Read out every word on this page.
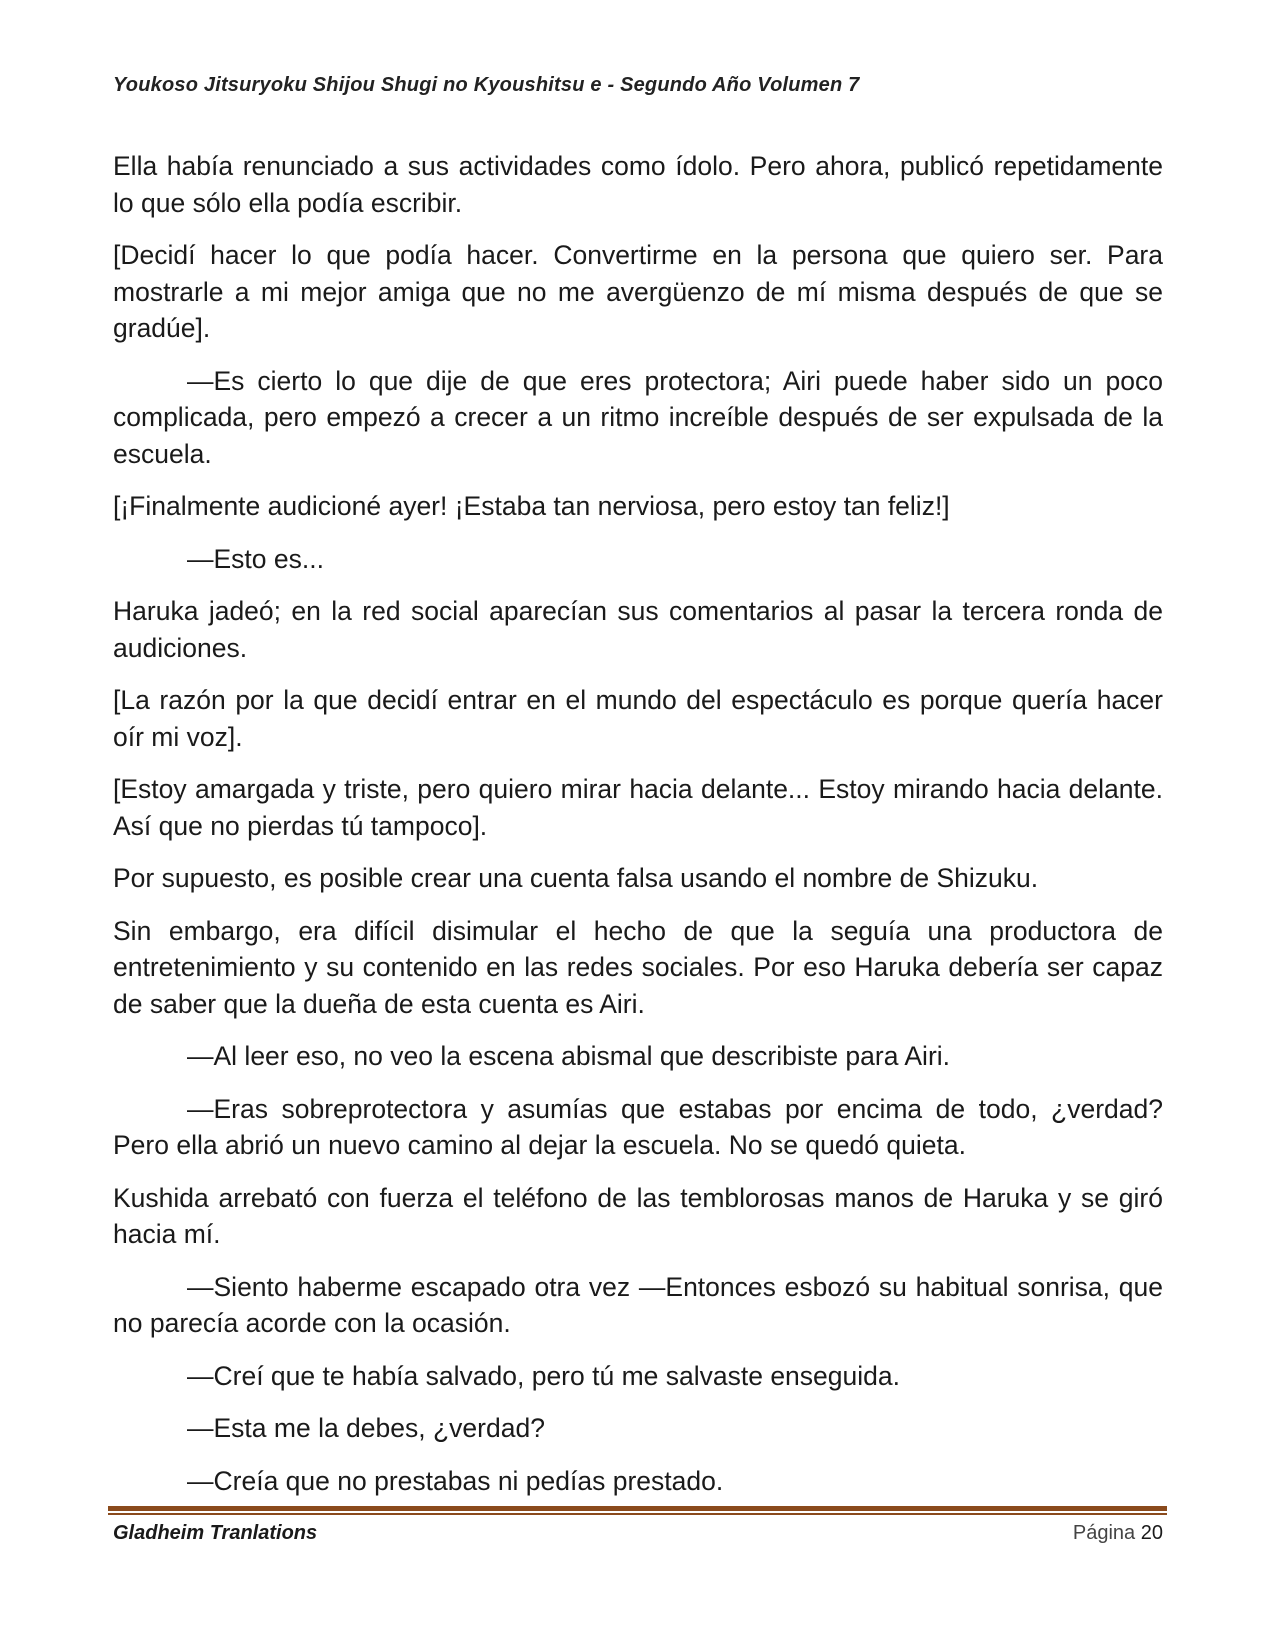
Youkoso Jitsuryoku Shijou Shugi no Kyoushitsu e - Segundo Año Volumen 7

Ella había renunciado a sus actividades como ídolo. Pero ahora, publicó repetidamente lo que sólo ella podía escribir.

[Decidí hacer lo que podía hacer. Convertirme en la persona que quiero ser. Para mostrarle a mi mejor amiga que no me avergüenzo de mí misma después de que se gradúe].

—Es cierto lo que dije de que eres protectora; Airi puede haber sido un poco complicada, pero empezó a crecer a un ritmo increíble después de ser expulsada de la escuela.

[¡Finalmente audicioné ayer! ¡Estaba tan nerviosa, pero estoy tan feliz!]

—Esto es...

Haruka jadeó; en la red social aparecían sus comentarios al pasar la tercera ronda de audiciones.

[La razón por la que decidí entrar en el mundo del espectáculo es porque quería hacer oír mi voz].

[Estoy amargada y triste, pero quiero mirar hacia delante... Estoy mirando hacia delante. Así que no pierdas tú tampoco].

Por supuesto, es posible crear una cuenta falsa usando el nombre de Shizuku.

Sin embargo, era difícil disimular el hecho de que la seguía una productora de entretenimiento y su contenido en las redes sociales. Por eso Haruka debería ser capaz de saber que la dueña de esta cuenta es Airi.

—Al leer eso, no veo la escena abismal que describiste para Airi.

—Eras sobreprotectora y asumías que estabas por encima de todo, ¿verdad? Pero ella abrió un nuevo camino al dejar la escuela. No se quedó quieta.

Kushida arrebató con fuerza el teléfono de las temblorosas manos de Haruka y se giró hacia mí.

—Siento haberme escapado otra vez —Entonces esbozó su habitual sonrisa, que no parecía acorde con la ocasión.

—Creí que te había salvado, pero tú me salvaste enseguida.

—Esta me la debes, ¿verdad?

—Creía que no prestabas ni pedías prestado.

Gladheim Tranlations	Página 20
